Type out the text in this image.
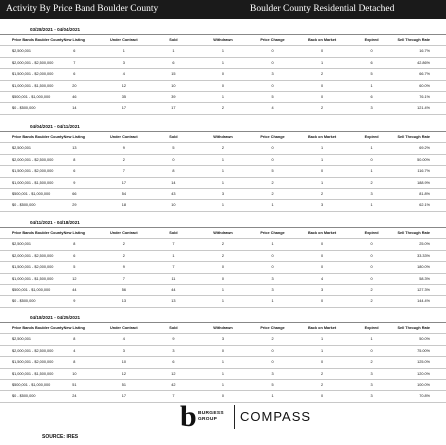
Activity By Price Band Boulder County	Boulder County Residential Detached
03/28/2021 - 04/04/2021
Price Bands Boulder County	New Listing	Under Contract	Sold	Withdrawn	Price Change	Back on Market	Expired	Sell Through Rate
$2,500,001	6	1	1	1	0	0	0	16.7%
$2,000,001 - $2,500,000	7	3	6	1	0	1	6	42.86%
$1,500,001 - $2,000,000	6	4	15	0	3	2	5	66.7%
$1,000,001 - $1,500,000	20	12	10	0	0	0	1	60.0%
$500,001 - $1,000,000	46	35	39	1	5	0	6	76.1%
$0 - $500,000	14	17	17	2	4	2	3	121.4%
04/04/2021 - 04/11/2021
Price Bands Boulder County	New Listing	Under Contract	Sold	Withdrawn	Price Change	Back on Market	Expired	Sell Through Rate
$2,500,001	13	9	5	2	0	1	1	69.2%
$2,000,001 - $2,500,000	8	2	0	1	0	1	0	50.00%
$1,500,001 - $2,000,000	6	7	8	1	5	0	1	116.7%
$1,000,001 - $1,500,000	9	17	14	1	2	1	2	188.9%
$500,001 - $1,000,000	66	54	43	3	2	2	3	81.8%
$0 - $500,000	29	18	10	1	1	3	1	62.1%
04/11/2021 - 04/18/2021
Price Bands Boulder County	New Listing	Under Contract	Sold	Withdrawn	Price Change	Back on Market	Expired	Sell Through Rate
$2,500,001	8	2	7	2	1	0	0	25.0%
$2,000,001 - $2,500,000	6	2	1	2	0	0	0	33.33%
$1,500,001 - $2,000,000	5	9	7	0	0	0	0	180.0%
$1,000,001 - $1,500,000	12	7	11	0	3	4	0	58.3%
$500,001 - $1,000,000	44	56	44	1	3	3	2	127.3%
$0 - $500,000	9	13	13	1	1	0	2	144.4%
04/18/2021 - 04/25/2021
Price Bands Boulder County	New Listing	Under Contract	Sold	Withdrawn	Price Change	Back on Market	Expired	Sell Through Rate
$2,500,001	8	4	9	3	2	1	1	50.0%
$2,000,001 - $2,500,000	4	3	3	0	0	1	0	75.00%
$1,500,001 - $2,000,000	8	10	6	1	0	0	2	125.0%
$1,000,001 - $1,500,000	10	12	12	1	3	2	3	120.0%
$500,001 - $1,000,000	51	51	42	1	5	2	3	100.0%
$0 - $500,000	24	17	7	0	1	0	3	70.8%
b BURGESS
GROUP	COMPASS
SOURCE: IRES
